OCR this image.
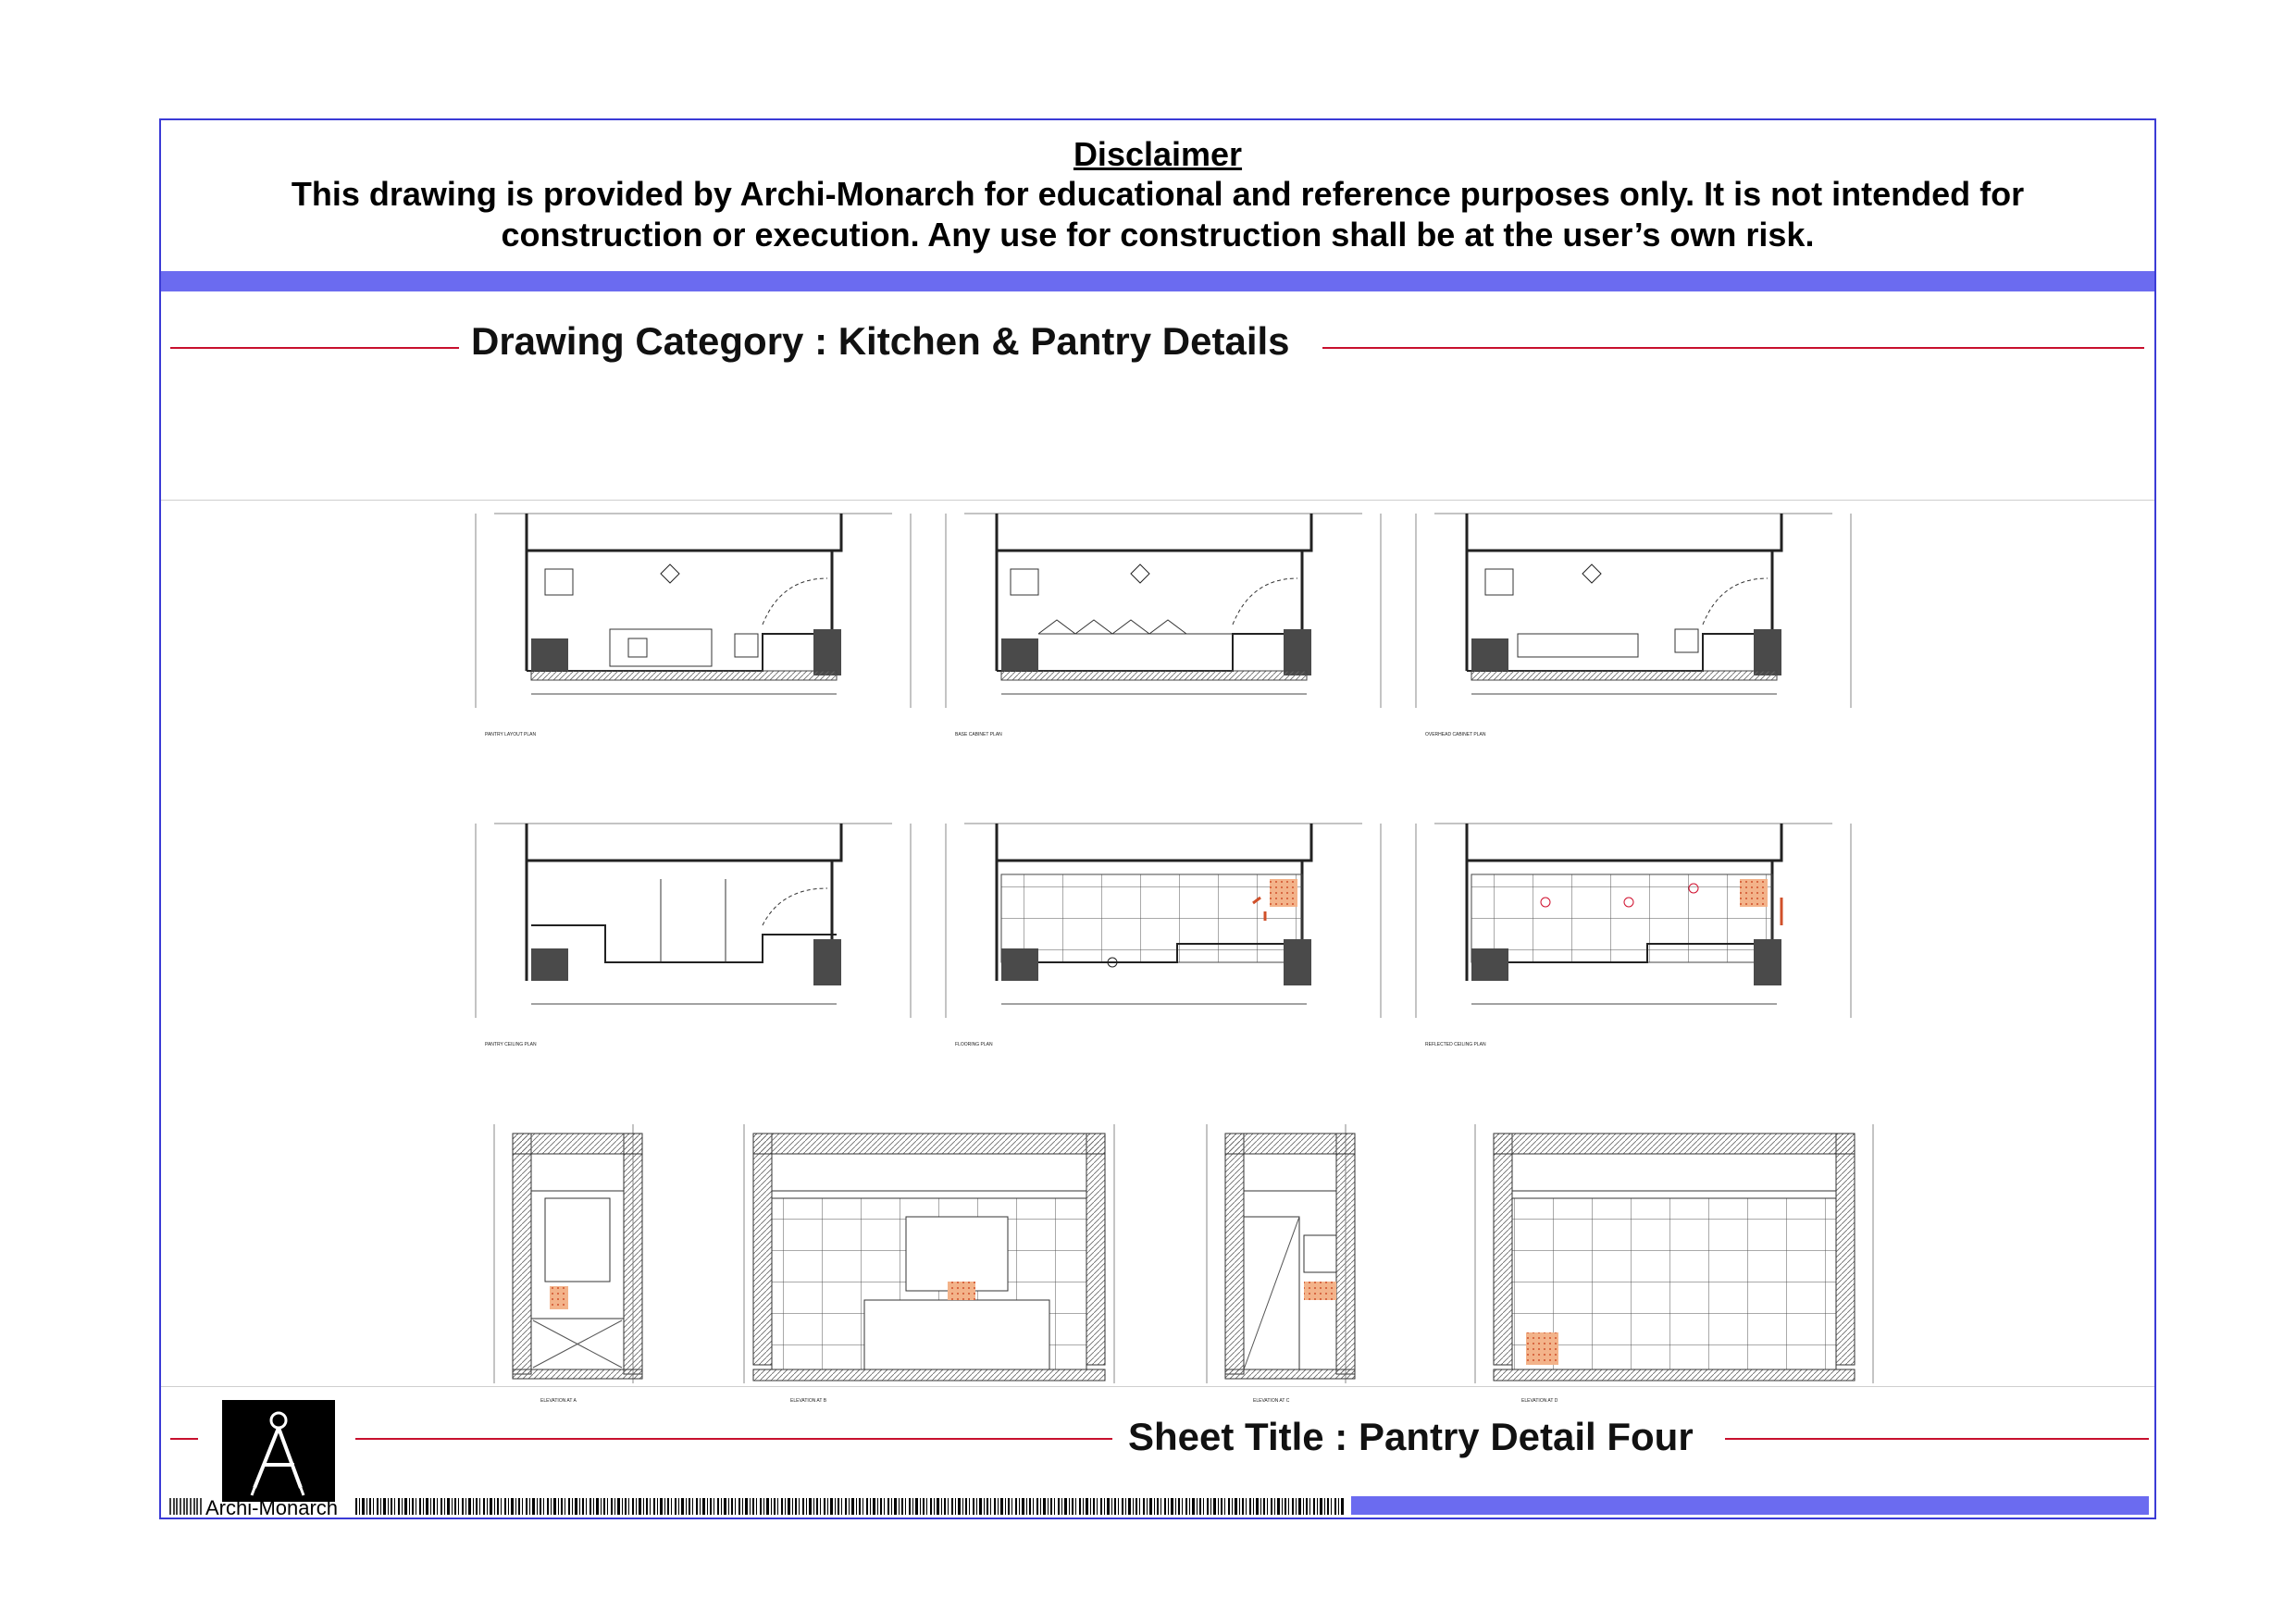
Disclaimer
This drawing is provided by Archi-Monarch for educational and reference purposes only. It is not intended for construction or execution. Any use for construction shall be at the user’s own risk.
Drawing Category : Kitchen & Pantry Details
PANTRY LAYOUT PLAN	BASE CABINET PLAN	OVERHEAD CABINET PLAN
PANTRY CEILING PLAN	FLOORING PLAN	REFLECTED CEILING PLAN
ELEVATION AT A	ELEVATION AT B	ELEVATION AT C	ELEVATION AT D
Archi-Monarch
Sheet Title : Pantry Detail Four
